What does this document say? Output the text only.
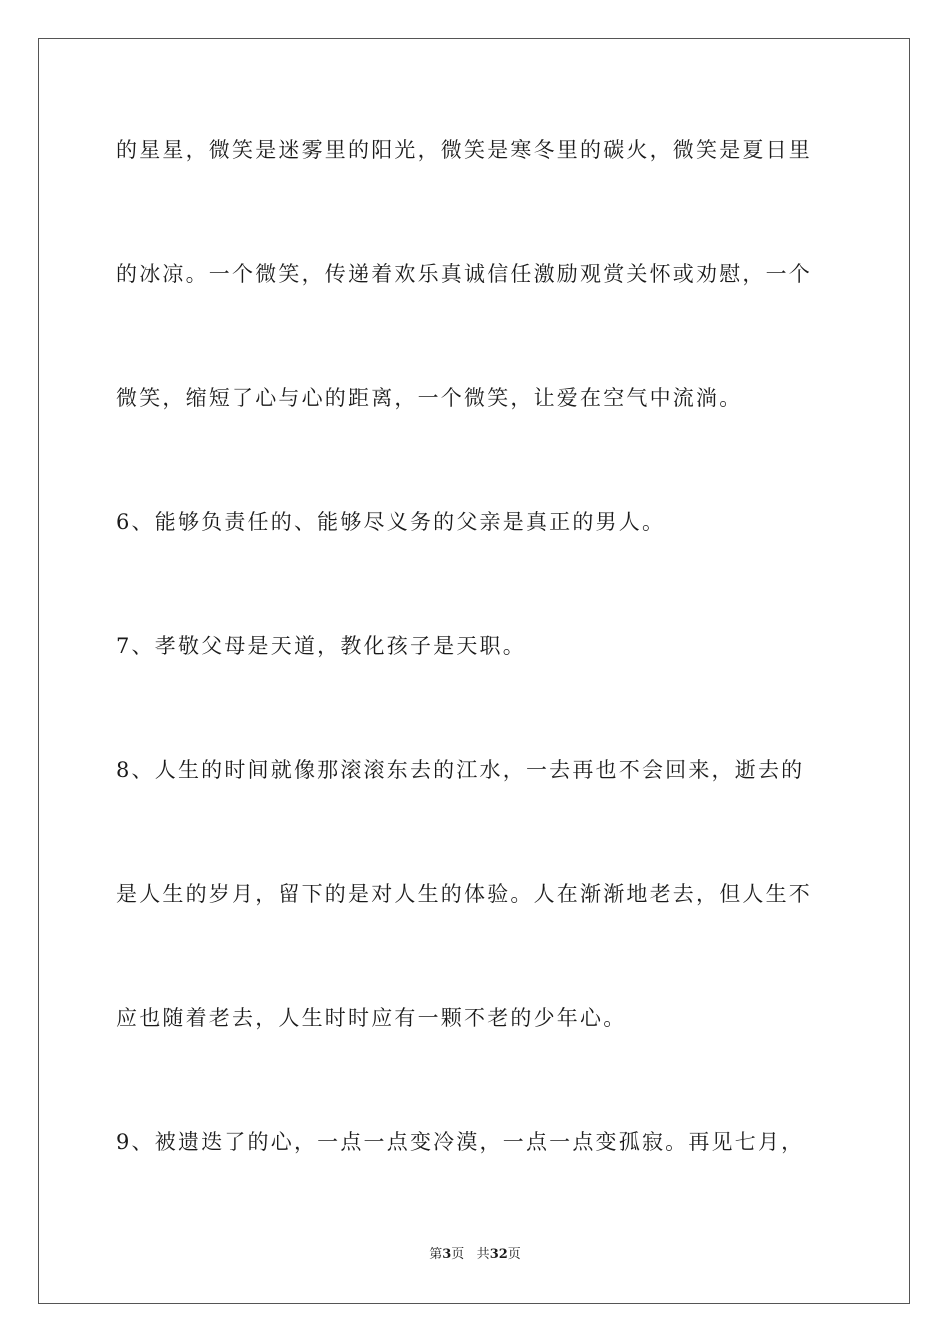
的星星，微笑是迷雾里的阳光，微笑是寒冬里的碳火，微笑是夏日里
的冰凉。一个微笑，传递着欢乐真诚信任激励观赏关怀或劝慰，一个
微笑，缩短了心与心的距离，一个微笑，让爱在空气中流淌。
6、能够负责任的、能够尽义务的父亲是真正的男人。
7、孝敬父母是天道，教化孩子是天职。
8、人生的时间就像那滚滚东去的江水，一去再也不会回来，逝去的
是人生的岁月，留下的是对人生的体验。人在渐渐地老去，但人生不
应也随着老去，人生时时应有一颗不老的少年心。
9、被遗迭了的心，一点一点变冷漠，一点一点变孤寂。再见七月，
第3页 共32页
